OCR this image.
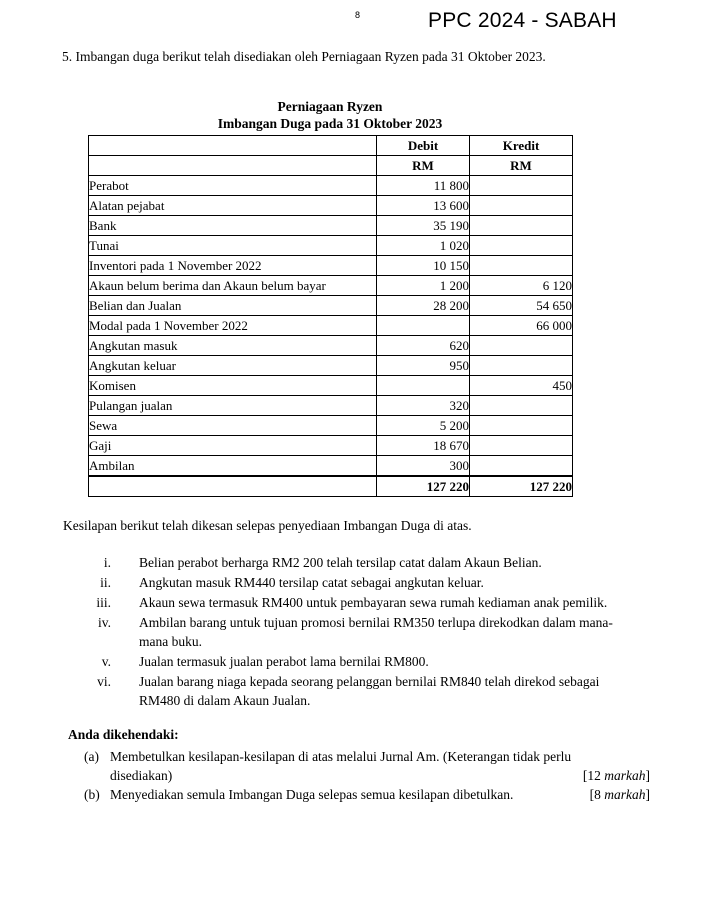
8	PPC 2024 - SABAH
5. Imbangan duga berikut telah disediakan oleh Perniagaan Ryzen pada 31 Oktober 2023.
Perniagaan Ryzen
Imbangan Duga pada 31 Oktober 2023
	Debit	Kredit
	RM	RM
Perabot	11 800	
Alatan pejabat	13 600	
Bank	35 190	
Tunai	1 020	
Inventori pada 1 November 2022	10 150	
Akaun belum berima dan Akaun belum bayar	1 200	6 120
Belian dan Jualan	28 200	54 650
Modal pada 1 November 2022		66 000
Angkutan masuk	620	
Angkutan keluar	950	
Komisen		450
Pulangan jualan	320	
Sewa	5 200	
Gaji	18 670	
Ambilan	300	
	127 220	127 220
Kesilapan berikut telah dikesan selepas penyediaan Imbangan Duga di atas.
i.	Belian perabot berharga RM2 200 telah tersilap catat dalam Akaun Belian.
ii.	Angkutan masuk RM440 tersilap catat sebagai angkutan keluar.
iii.	Akaun sewa termasuk RM400 untuk pembayaran sewa rumah kediaman anak pemilik.
iv.	Ambilan barang untuk tujuan promosi bernilai RM350 terlupa direkodkan dalam mana-
mana buku.
v.	Jualan termasuk jualan perabot lama bernilai RM800.
vi.	Jualan barang niaga kepada seorang pelanggan bernilai RM840 telah direkod sebagai
RM480 di dalam Akaun Jualan.
Anda dikehendaki:
(a) Membetulkan kesilapan-kesilapan di atas melalui Jurnal Am. (Keterangan tidak perlu
disediakan)	[12 markah]
(b) Menyediakan semula Imbangan Duga selepas semua kesilapan dibetulkan.	[8 markah]
